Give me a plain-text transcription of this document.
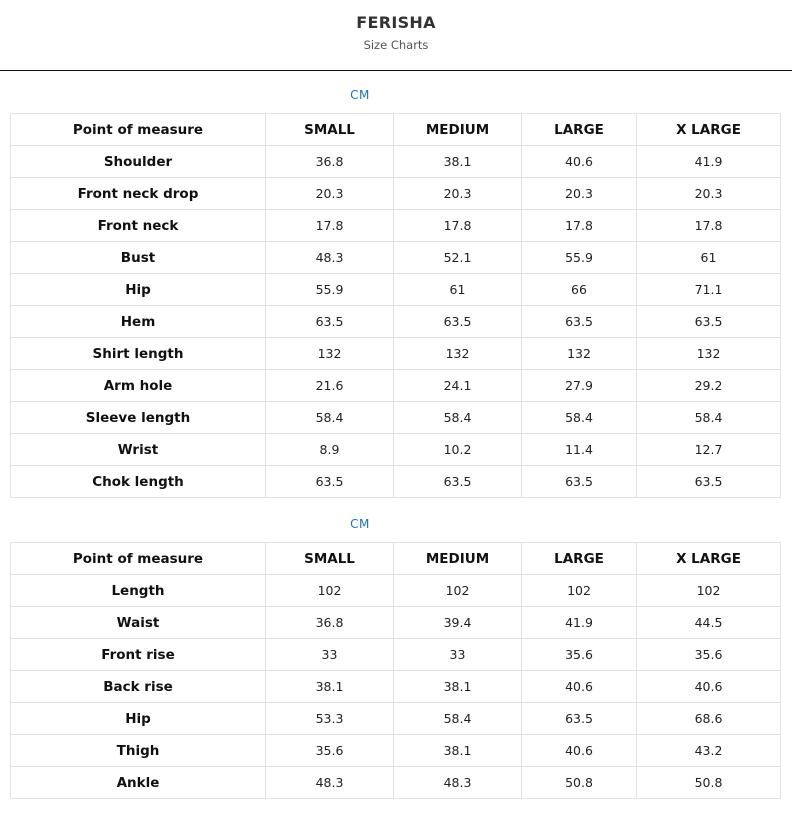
FERISHA
Size Charts
CM
Point of measure	SMALL	MEDIUM	LARGE	X LARGE
Shoulder	36.8	38.1	40.6	41.9
Front neck drop	20.3	20.3	20.3	20.3
Front neck	17.8	17.8	17.8	17.8
Bust	48.3	52.1	55.9	61
Hip	55.9	61	66	71.1
Hem	63.5	63.5	63.5	63.5
Shirt length	132	132	132	132
Arm hole	21.6	24.1	27.9	29.2
Sleeve length	58.4	58.4	58.4	58.4
Wrist	8.9	10.2	11.4	12.7
Chok length	63.5	63.5	63.5	63.5
CM
Point of measure	SMALL	MEDIUM	LARGE	X LARGE
Length	102	102	102	102
Waist	36.8	39.4	41.9	44.5
Front rise	33	33	35.6	35.6
Back rise	38.1	38.1	40.6	40.6
Hip	53.3	58.4	63.5	68.6
Thigh	35.6	38.1	40.6	43.2
Ankle	48.3	48.3	50.8	50.8
